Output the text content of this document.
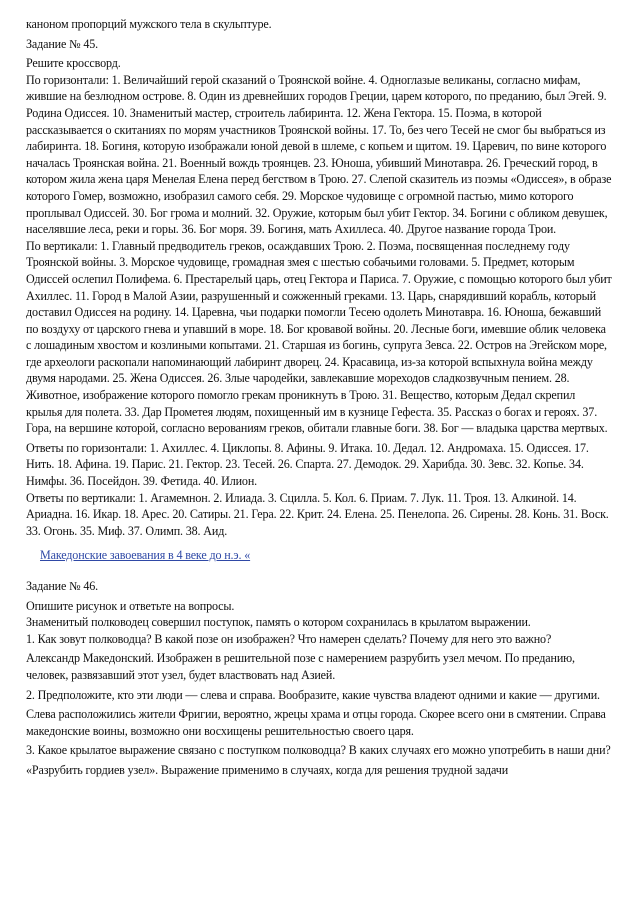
каноном пропорций мужского тела в скульптуре.

Задание № 45.

Решите кроссворд.

По горизонтали: 1. Величайший герой сказаний о Троянской войне. 4. Одноглазые великаны, согласно мифам, жившие на безлюдном острове. 8. Один из древнейших городов Греции, царем которого, по преданию, был Эгей. 9. Родина Одиссея. 10. Знаменитый мастер, строитель лабиринта. 12. Жена Гектора. 15. Поэма, в которой рассказывается о скитаниях по морям участников Троянской войны. 17. То, без чего Тесей не смог бы выбраться из лабиринта. 18. Богиня, которую изображали юной девой в шлеме, с копьем и щитом. 19. Царевич, по вине которого началась Троянская война. 21. Военный вождь троянцев. 23. Юноша, убивший Минотавра. 26. Греческий город, в котором жила жена царя Менелая Елена перед бегством в Трою. 27. Слепой сказитель из поэмы «Одиссея», в образе которого Гомер, возможно, изобразил самого себя. 29. Морское чудовище с огромной пастью, мимо которого проплывал Одиссей. 30. Бог грома и молний. 32. Оружие, которым был убит Гектор. 34. Богини с обликом девушек, населявшие леса, реки и горы. 36. Бог моря. 39. Богиня, мать Ахиллеса. 40. Другое название города Трои.

По вертикали: 1. Главный предводитель греков, осаждавших Трою. 2. Поэма, посвященная последнему году Троянской войны. 3. Морское чудовище, громадная змея с шестью собачьими головами. 5. Предмет, которым Одиссей ослепил Полифема. 6. Престарелый царь, отец Гектора и Париса. 7. Оружие, с помощью которого был убит Ахиллес. 11. Город в Малой Азии, разрушенный и сожженный греками. 13. Царь, снарядивший корабль, который доставил Одиссея на родину. 14. Царевна, чьи подарки помогли Тесею одолеть Минотавра. 16. Юноша, бежавший по воздуху от царского гнева и упавший в море. 18. Бог кровавой войны. 20. Лесные боги, имевшие облик человека с лошадиным хвостом и козлиными копытами. 21. Старшая из богинь, супруга Зевса. 22. Остров на Эгейском море, где археологи раскопали напоминающий лабиринт дворец. 24. Красавица, из-за которой вспыхнула война между двумя народами. 25. Жена Одиссея. 26. Злые чародейки, завлекавшие мореходов сладкозвучным пением. 28. Животное, изображение которого помогло грекам проникнуть в Трою. 31. Вещество, которым Дедал скрепил крылья для полета. 33. Дар Прометея людям, похищенный им в кузнице Гефеста. 35. Рассказ о богах и героях. 37. Гора, на вершине которой, согласно верованиям греков, обитали главные боги. 38. Бог — владыка царства мертвых.

Ответы по горизонтали: 1. Ахиллес. 4. Циклопы. 8. Афины. 9. Итака. 10. Дедал. 12. Андромаха. 15. Одиссея. 17. Нить. 18. Афина. 19. Парис. 21. Гектор. 23. Тесей. 26. Спарта. 27. Демодок. 29. Харибда. 30. Зевс. 32. Копье. 34. Нимфы. 36. Посейдон. 39. Фетида. 40. Илион.

Ответы по вертикали: 1. Агамемнон. 2. Илиада. 3. Сцилла. 5. Кол. 6. Приам. 7. Лук. 11. Троя. 13. Алкиной. 14. Ариадна. 16. Икар. 18. Арес. 20. Сатиры. 21. Гера. 22. Крит. 24. Елена. 25. Пенелопа. 26. Сирены. 28. Конь. 31. Воск. 33. Огонь. 35. Миф. 37. Олимп. 38. Аид.

Македонские завоевания в 4 веке до н.э. «

Задание № 46.

Опишите рисунок и ответьте на вопросы.

Знаменитый полководец совершил поступок, память о котором сохранилась в крылатом выражении.

1. Как зовут полководца? В какой позе он изображен? Что намерен сделать? Почему для него это важно?

Александр Македонский. Изображен в решительной позе с намерением разрубить узел мечом. По преданию, человек, развязавший этот узел, будет властвовать над Азией.

2. Предположите, кто эти люди — слева и справа. Вообразите, какие чувства владеют одними и какие — другими.

Слева расположились жители Фригии, вероятно, жрецы храма и отцы города. Скорее всего они в смятении. Справа македонские воины, возможно они восхищены решительностью своего царя.

3. Какое крылатое выражение связано с поступком полководца? В каких случаях его можно употребить в наши дни?

«Разрубить гордиев узел». Выражение применимо в случаях, когда для решения трудной задачи
